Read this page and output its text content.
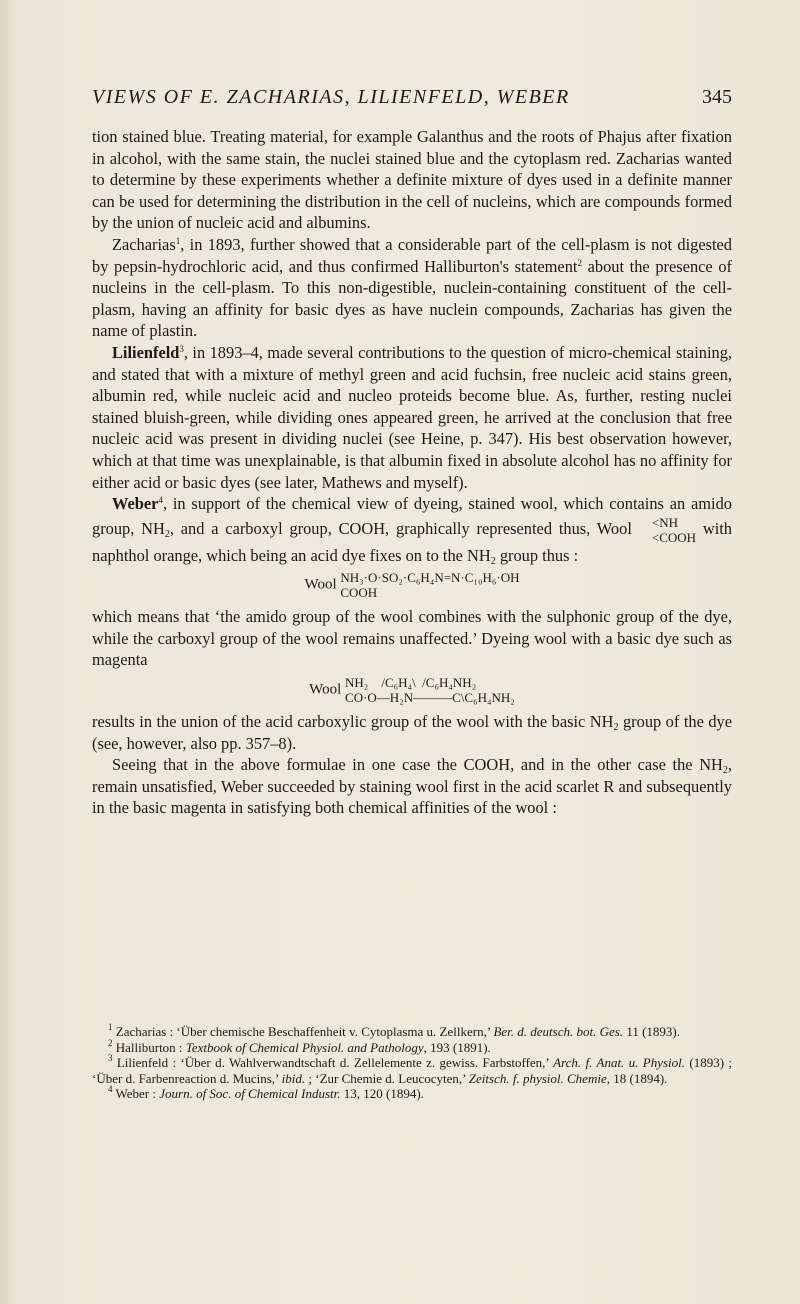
VIEWS OF E. ZACHARIAS, LILIENFELD, WEBER	345

tion stained blue. Treating material, for example Galanthus and the roots of Phajus after fixation in alcohol, with the same stain, the nuclei stained blue and the cytoplasm red. Zacharias wanted to determine by these experiments whether a definite mixture of dyes used in a definite manner can be used for determining the distribution in the cell of nucleins, which are compounds formed by the union of nucleic acid and albumins.

Zacharias$^1$, in 1893, further showed that a considerable part of the cell-plasm is not digested by pepsin-hydrochloric acid, and thus confirmed Halliburton's statement$^2$ about the presence of nucleins in the cell-plasm. To this non-digestible, nuclein-containing constituent of the cell-plasm, having an affinity for basic dyes as have nuclein compounds, Zacharias has given the name of plastin.

Lilienfeld$^3$, in 1893–4, made several contributions to the question of micro-chemical staining, and stated that with a mixture of methyl green and acid fuchsin, free nucleic acid stains green, albumin red, while nucleic acid and nucleo proteids become blue. As, further, resting nuclei stained bluish-green, while dividing ones appeared green, he arrived at the conclusion that free nucleic acid was present in dividing nuclei (see Heine, p. 347). His best observation however, which at that time was unexplainable, is that albumin fixed in absolute alcohol has no affinity for either acid or basic dyes (see later, Mathews and myself).

Weber$^4$, in support of the chemical view of dyeing, stained wool, which contains an amido group, $NH_2$, and a carboxyl group, COOH, graphically represented thus, Wool	<NH
<COOH with naphthol orange, which being an acid dye fixes on to the $NH_2$ group thus :

Wool NH₃·O·SO₂·C₆H₄N=N·C₁₀H₆·OH
COOH

which means that ‘the amido group of the wool combines with the sulphonic group of the dye, while the carboxyl group of the wool remains unaffected.’ Dyeing wool with a basic dye such as magenta

Wool NH₂    /C₆H₄\  /C₆H₄NH₂
CO·O—H₂N———C\C₆H₄NH₂

results in the union of the acid carboxylic group of the wool with the basic $NH_2$ group of the dye (see, however, also pp. 357–8).

Seeing that in the above formulae in one case the COOH, and in the other case the $NH_2$, remain unsatisfied, Weber succeeded by staining wool first in the acid scarlet R and subsequently in the basic magenta in satisfying both chemical affinities of the wool :

$^1$ Zacharias : ‘Über chemische Beschaffenheit v. Cytoplasma u. Zellkern,’ Ber. d. deutsch. bot. Ges. 11 (1893).

$^2$ Halliburton : Textbook of Chemical Physiol. and Pathology, 193 (1891).

$^3$ Lilienfeld : ‘Über d. Wahlverwandtschaft d. Zellelemente z. gewiss. Farbstoffen,’ Arch. f. Anat. u. Physiol. (1893) ; ‘Über d. Farbenreaction d. Mucins,’ ibid. ; ‘Zur Chemie d. Leucocyten,’ Zeitsch. f. physiol. Chemie, 18 (1894).

$^4$ Weber : Journ. of Soc. of Chemical Industr. 13, 120 (1894).
